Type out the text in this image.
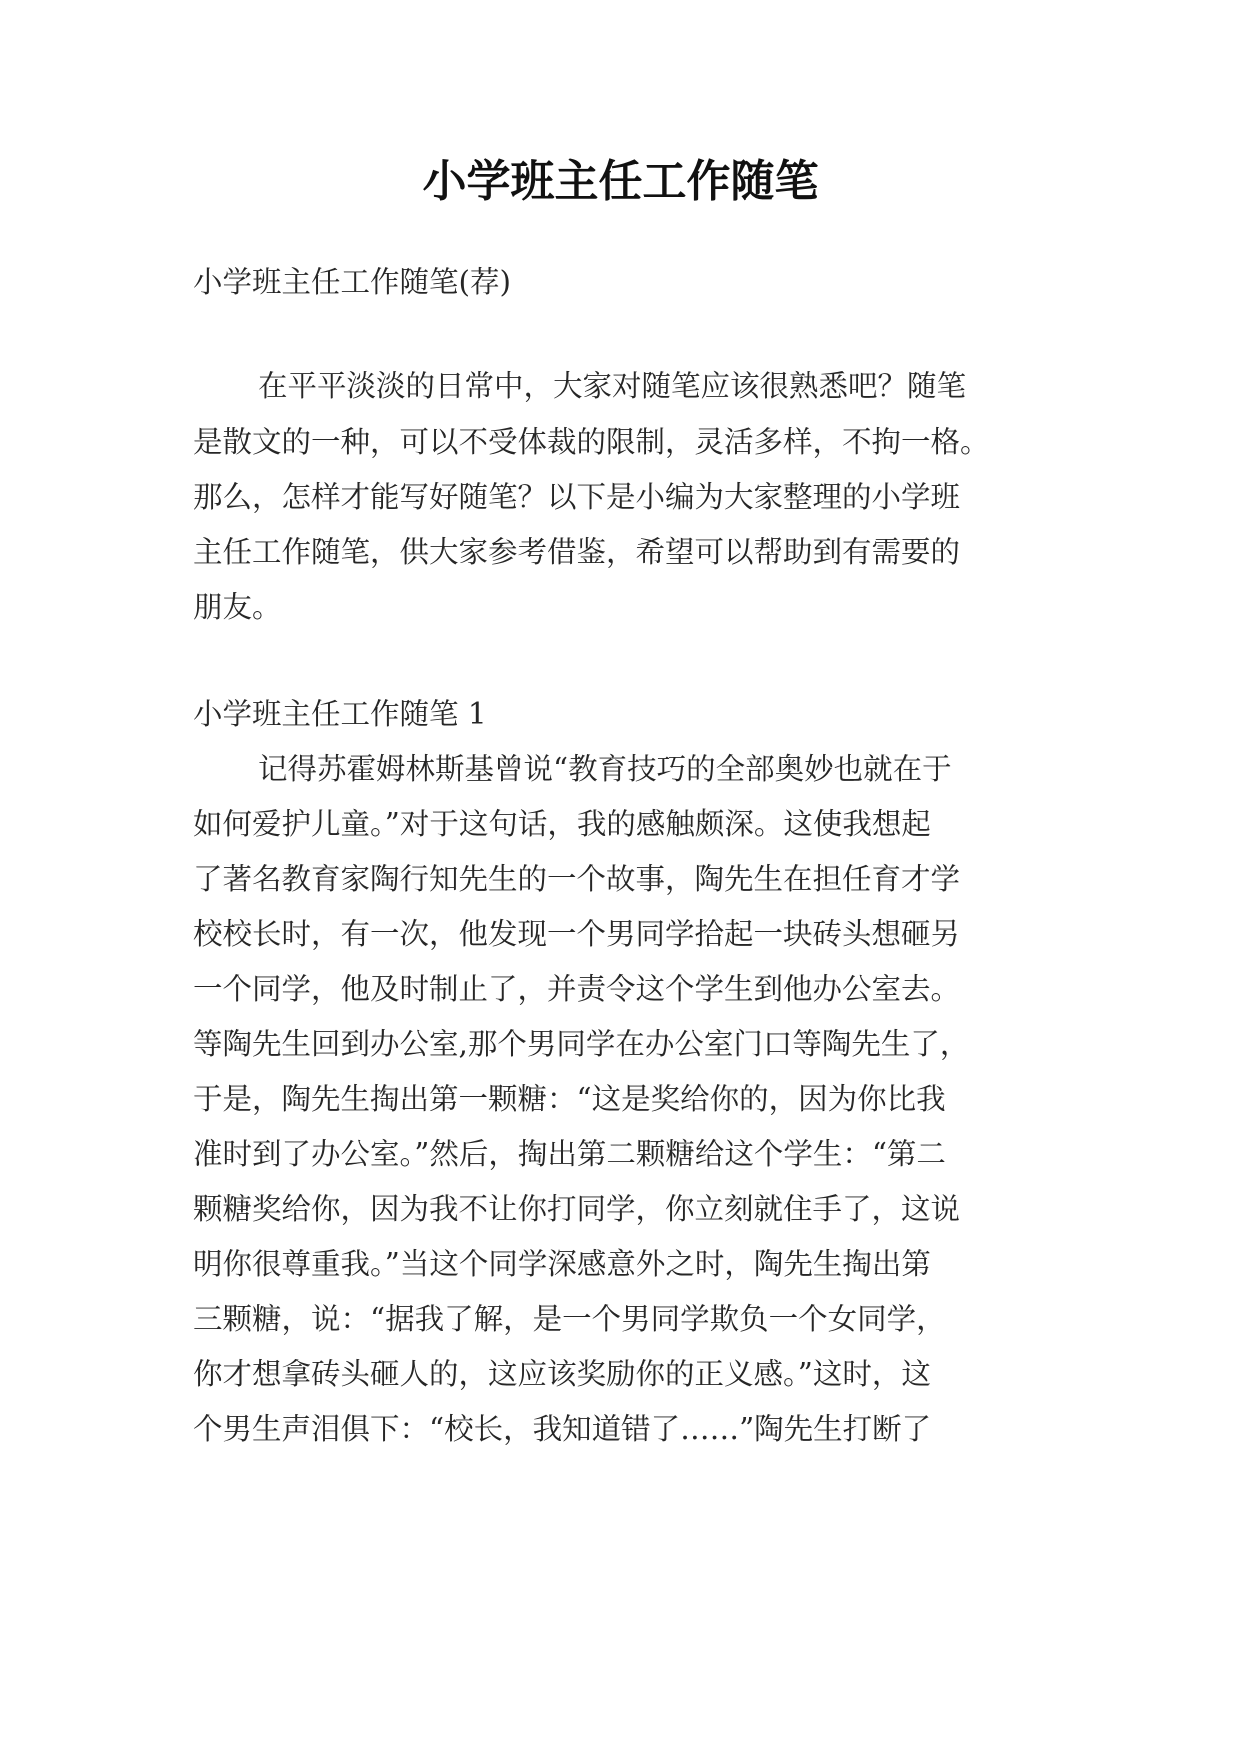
小学班主任工作随笔

小学班主任工作随笔(荐)

在平平淡淡的日常中，大家对随笔应该很熟悉吧？随笔

是散文的一种，可以不受体裁的限制，灵活多样，不拘一格。

那么，怎样才能写好随笔？以下是小编为大家整理的小学班

主任工作随笔，供大家参考借鉴，希望可以帮助到有需要的

朋友。

小学班主任工作随笔 1

记得苏霍姆林斯基曾说“教育技巧的全部奥妙也就在于

如何爱护儿童。”对于这句话，我的感触颇深。这使我想起

了著名教育家陶行知先生的一个故事，陶先生在担任育才学

校校长时，有一次，他发现一个男同学拾起一块砖头想砸另

一个同学，他及时制止了，并责令这个学生到他办公室去。

等陶先生回到办公室,那个男同学在办公室门口等陶先生了，

于是，陶先生掏出第一颗糖：“这是奖给你的，因为你比我

准时到了办公室。”然后，掏出第二颗糖给这个学生：“第二

颗糖奖给你，因为我不让你打同学，你立刻就住手了，这说

明你很尊重我。”当这个同学深感意外之时，陶先生掏出第

三颗糖，说：“据我了解，是一个男同学欺负一个女同学，

你才想拿砖头砸人的，这应该奖励你的正义感。”这时，这

个男生声泪俱下：“校长，我知道错了……”陶先生打断了
